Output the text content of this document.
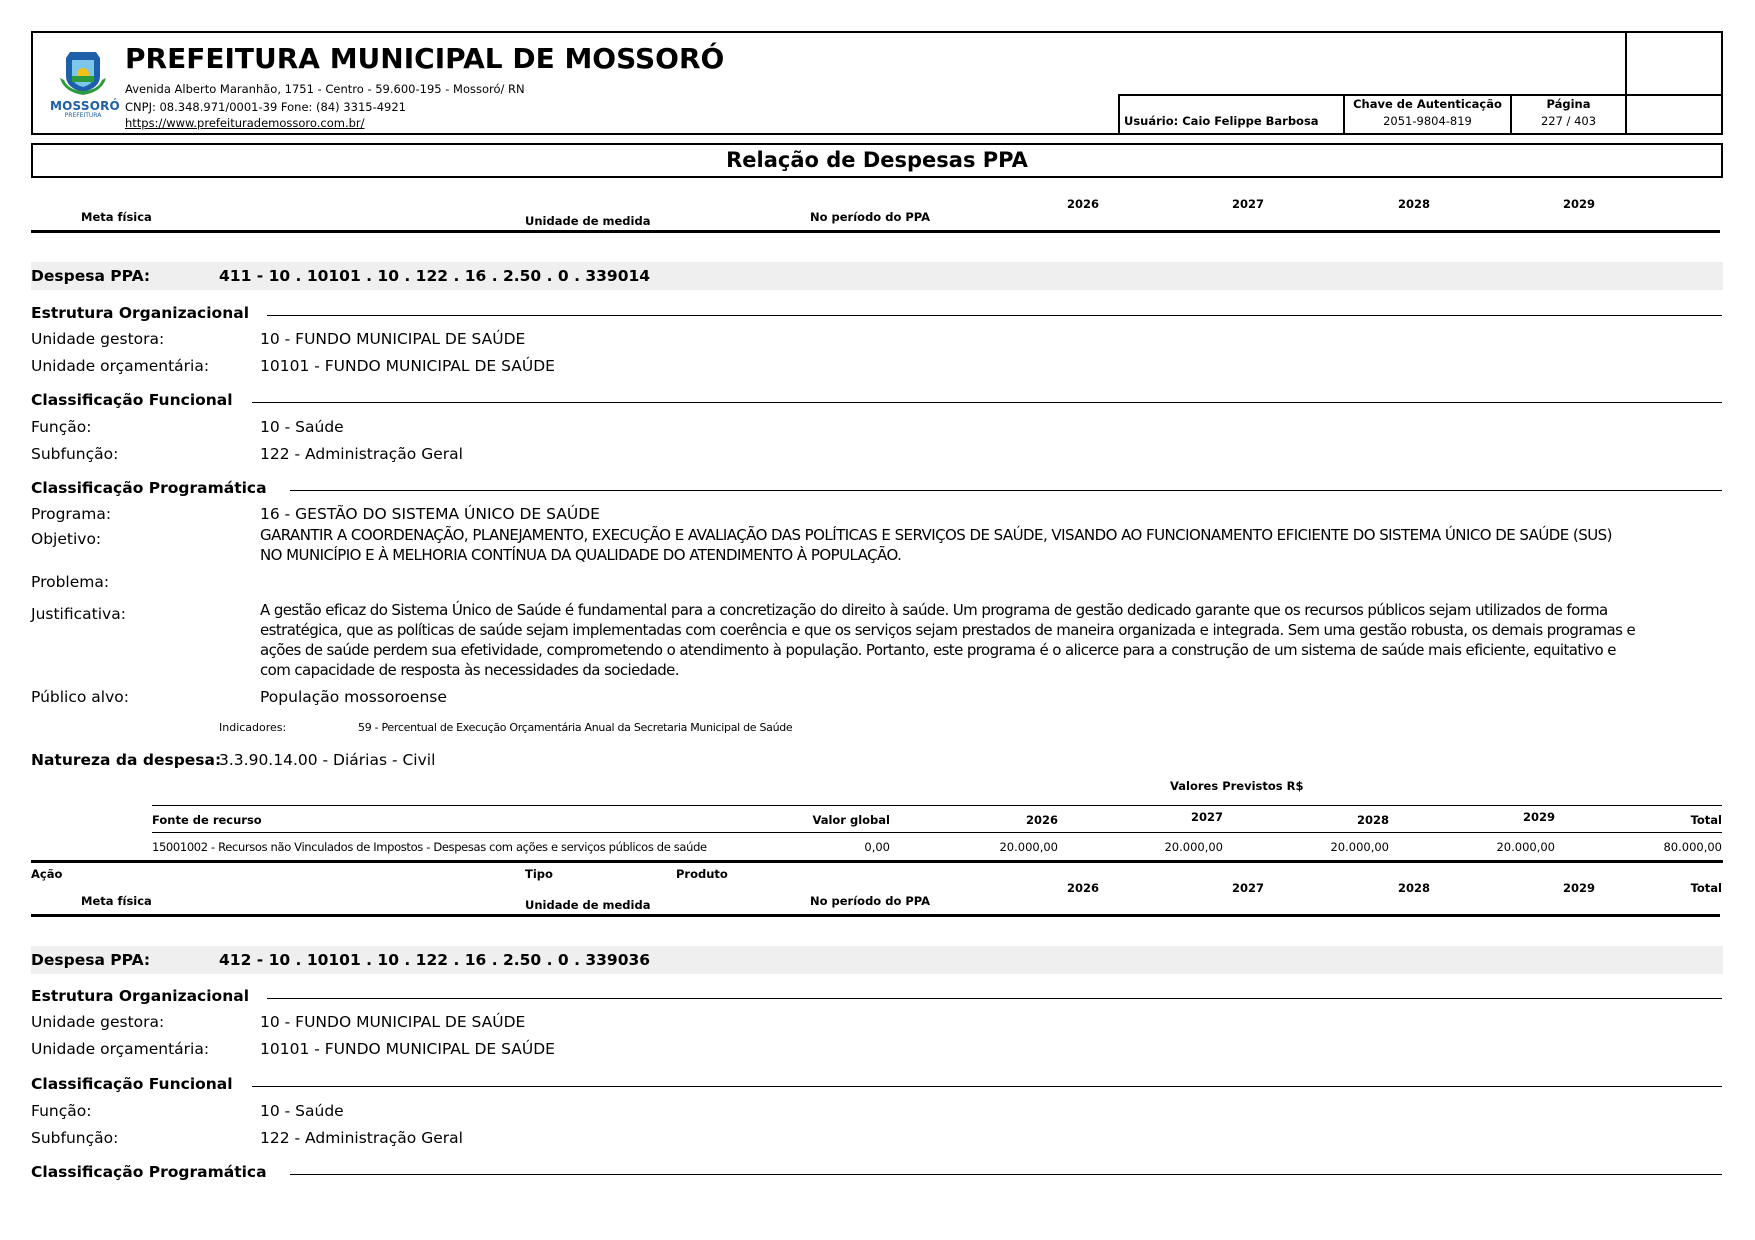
MOSSORÓ
PREFEITURA
PREFEITURA MUNICIPAL DE MOSSORÓ
Avenida Alberto Maranhão, 1751 - Centro - 59.600-195 - Mossoró/ RN
CNPJ: 08.348.971/0001-39 Fone: (84) 3315-4921
https://www.prefeiturademossoro.com.br/	Usuário: Caio Felippe Barbosa
Chave de Autenticação
2051-9804-819
Página
227 / 403
Relação de Despesas PPA
Meta física	Unidade de medida	No período do PPA
2026	2027	2028	2029
Despesa PPA:	411 - 10 . 10101 . 10 . 122 . 16 . 2.50 . 0 . 339014
Estrutura Organizacional
Unidade gestora:	10 - FUNDO MUNICIPAL DE SAÚDE
Unidade orçamentária:	10101 - FUNDO MUNICIPAL DE SAÚDE
Classificação Funcional
Função:	10 - Saúde
Subfunção:	122 - Administração Geral
Classificação Programática
Programa:	16 - GESTÃO DO SISTEMA ÚNICO DE SAÚDE
Objetivo:	GARANTIR A COORDENAÇÃO, PLANEJAMENTO, EXECUÇÃO E AVALIAÇÃO DAS POLÍTICAS E SERVIÇOS DE SAÚDE, VISANDO AO FUNCIONAMENTO EFICIENTE DO SISTEMA ÚNICO DE SAÚDE (SUS)
NO MUNICÍPIO E À MELHORIA CONTÍNUA DA QUALIDADE DO ATENDIMENTO À POPULAÇÃO.
Problema:
Justificativa:	A gestão eficaz do Sistema Único de Saúde é fundamental para a concretização do direito à saúde. Um programa de gestão dedicado garante que os recursos públicos sejam utilizados de forma
estratégica, que as políticas de saúde sejam implementadas com coerência e que os serviços sejam prestados de maneira organizada e integrada. Sem uma gestão robusta, os demais programas e
ações de saúde perdem sua efetividade, comprometendo o atendimento à população. Portanto, este programa é o alicerce para a construção de um sistema de saúde mais eficiente, equitativo e
com capacidade de resposta às necessidades da sociedade.
Público alvo:	População mossoroense
Indicadores:	59 - Percentual de Execução Orçamentária Anual da Secretaria Municipal de Saúde
Natureza da despesa:
3.3.90.14.00 - Diárias - Civil
Valores Previstos R$
Fonte de recurso	Valor global	2026	2027	2028	2029	Total
15001002 - Recursos não Vinculados de Impostos - Despesas com ações e serviços públicos de saúde	0,00	20.000,00	20.000,00	20.000,00	20.000,00	80.000,00
Ação	Tipo	Produto
Meta física	Unidade de medida	No período do PPA
2026	2027	2028	2029	Total
Despesa PPA:	412 - 10 . 10101 . 10 . 122 . 16 . 2.50 . 0 . 339036
Estrutura Organizacional
Unidade gestora:	10 - FUNDO MUNICIPAL DE SAÚDE
Unidade orçamentária:	10101 - FUNDO MUNICIPAL DE SAÚDE
Classificação Funcional
Função:	10 - Saúde
Subfunção:	122 - Administração Geral
Classificação Programática
